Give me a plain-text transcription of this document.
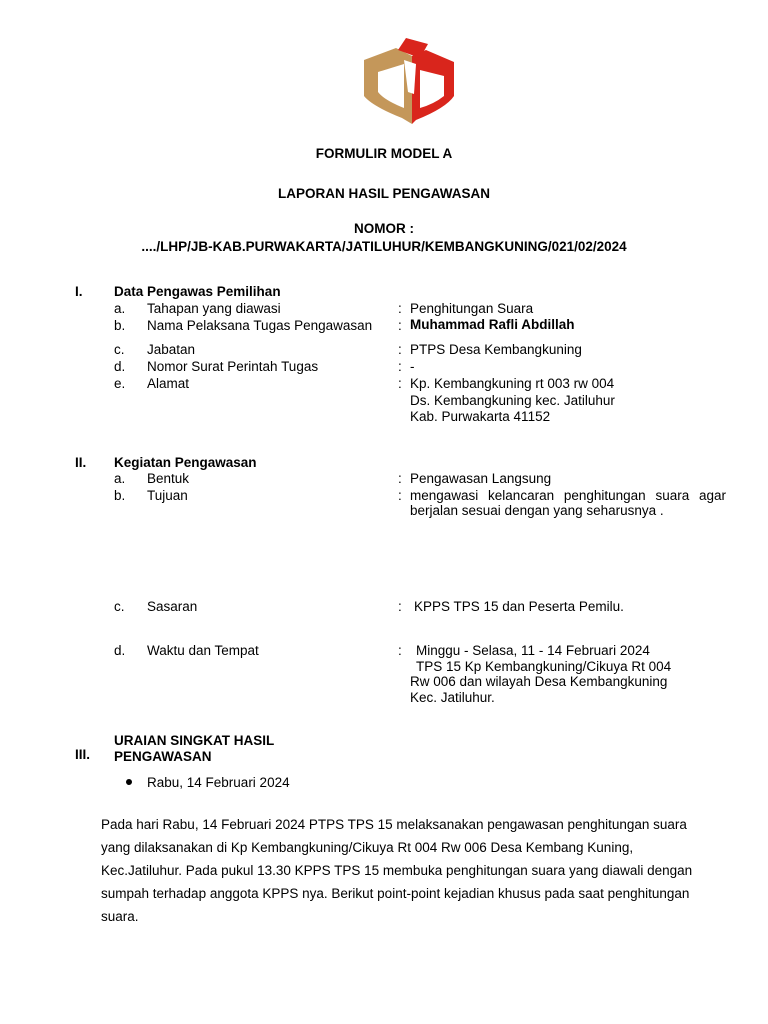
FORMULIR MODEL A
LAPORAN HASIL PENGAWASAN
NOMOR :
..../LHP/JB-KAB.PURWAKARTA/JATILUHUR/KEMBANGKUNING/021/02/2024
I. Data Pengawas Pemilihan
a. Tahapan yang diawasi	: Penghitungan Suara
b. Nama Pelaksana Tugas Pengawasan : Muhammad Rafli Abdillah
c. Jabatan	: PTPS Desa Kembangkuning
d. Nomor Surat Perintah Tugas	: -
e. Alamat	: Kp. Kembangkuning rt 003 rw 004
Ds. Kembangkuning kec. Jatiluhur
Kab. Purwakarta 41152
II. Kegiatan Pengawasan
a. Bentuk	: Pengawasan Langsung
b. Tujuan	: mengawasi kelancaran penghitungan suara agar
berjalan sesuai dengan yang seharusnya .
c. Sasaran	: KPPS TPS 15 dan Peserta Pemilu.
d. Waktu dan Tempat	: Minggu - Selasa, 11 - 14 Februari 2024
TPS 15 Kp Kembangkuning/Cikuya Rt 004
Rw 006 dan wilayah Desa Kembangkuning
Kec. Jatiluhur.
III.
URAIAN SINGKAT HASIL
PENGAWASAN
Rabu, 14 Februari 2024
Pada hari Rabu, 14 Februari 2024 PTPS TPS 15 melaksanakan pengawasan penghitungan suara
yang dilaksanakan di Kp Kembangkuning/Cikuya Rt 004 Rw 006 Desa Kembang Kuning,
Kec.Jatiluhur. Pada pukul 13.30 KPPS TPS 15 membuka penghitungan suara yang diawali dengan
sumpah terhadap anggota KPPS nya. Berikut point-point kejadian khusus pada saat penghitungan
suara.
